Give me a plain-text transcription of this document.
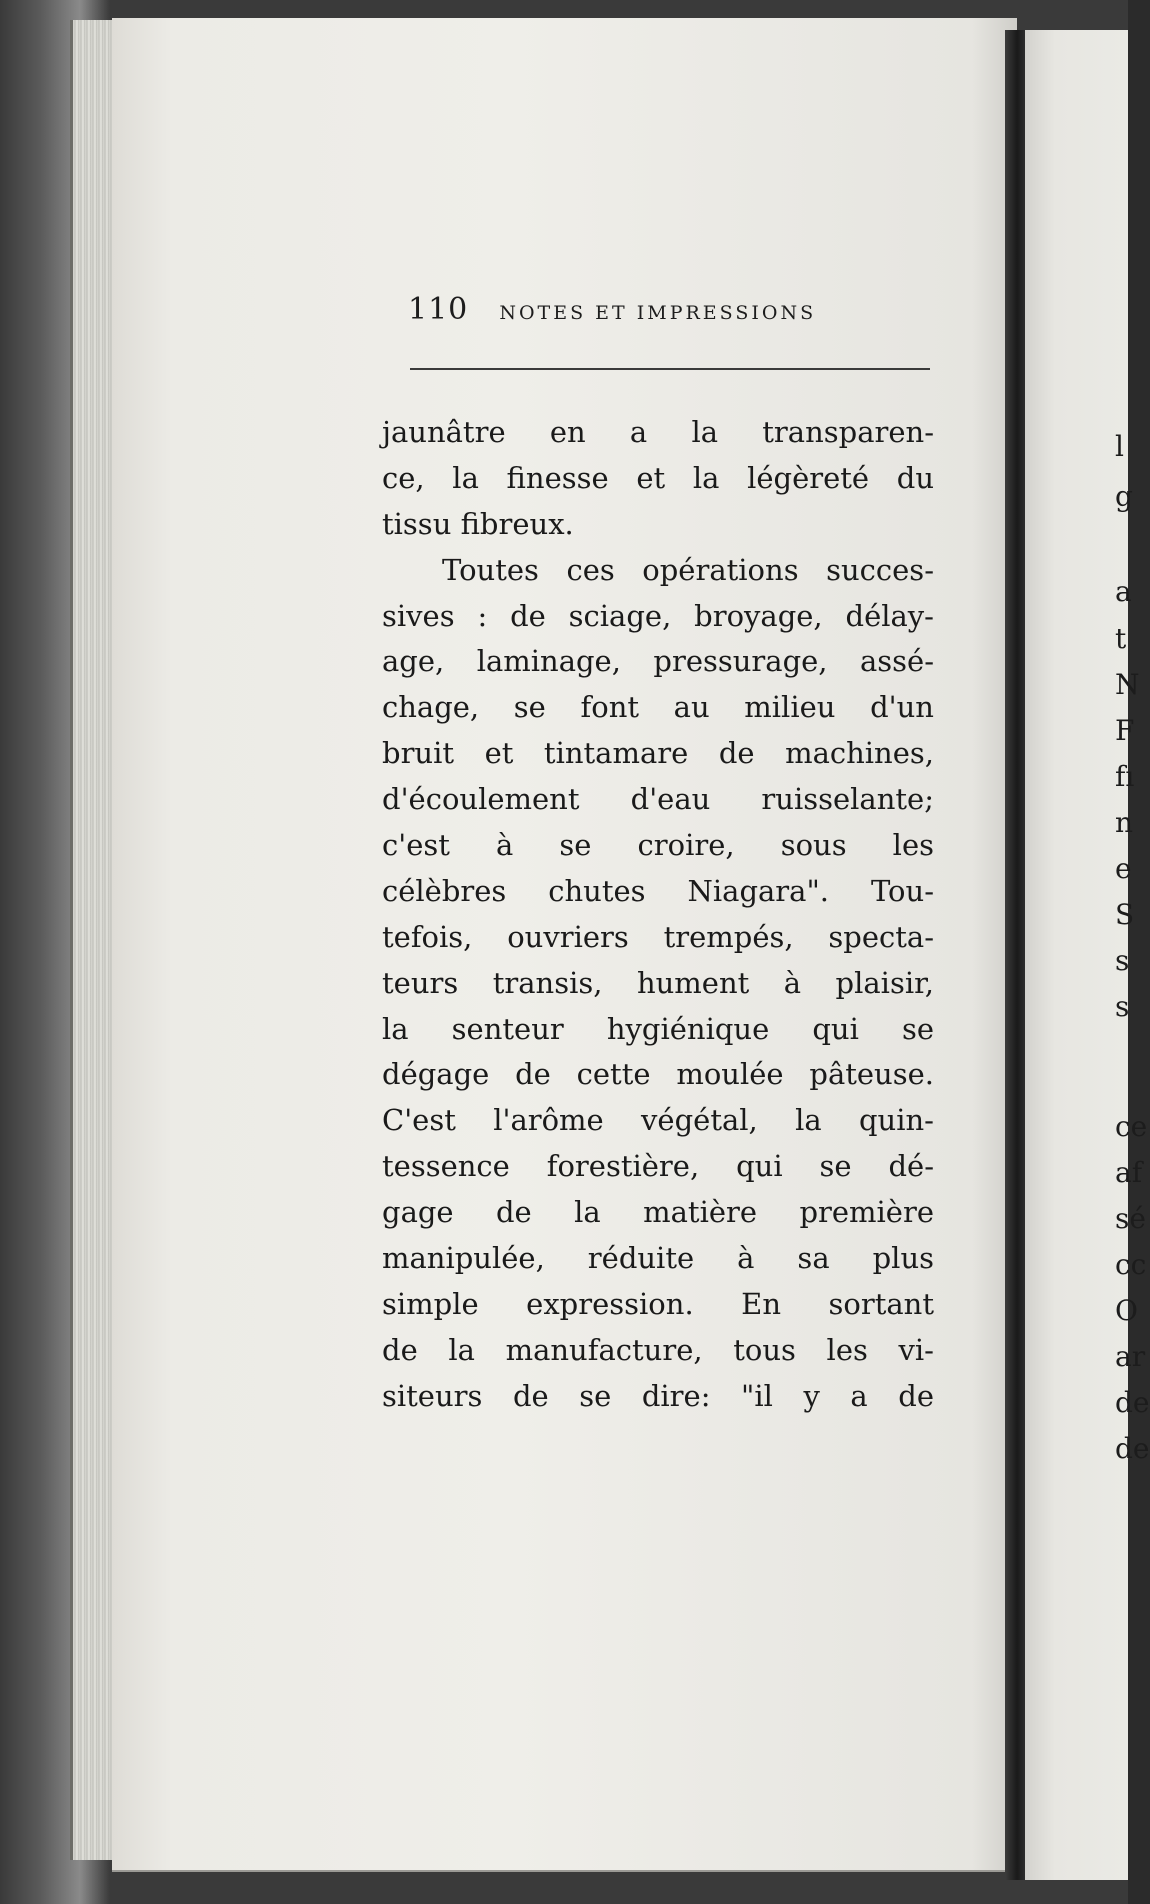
l
g
a
t
N
F
fı
n
e
S
s
s
ce
af
sé
cc
O
ar
de
de
110 NOTES ET IMPRESSIONS
jaunâtre en a la transparen-
ce, la finesse et la légèreté du
tissu fibreux.
Toutes ces opérations succes-
sives : de sciage, broyage, délay-
age, laminage, pressurage, assé-
chage, se font au milieu d'un
bruit et tintamare de machines,
d'écoulement d'eau ruisselante;
c'est à se croire, sous les
célèbres chutes Niagara". Tou-
tefois, ouvriers trempés, specta-
teurs transis, hument à plaisir,
la senteur hygiénique qui se
dégage de cette moulée pâteuse.
C'est l'arôme végétal, la quin-
tessence forestière, qui se dé-
gage de la matière première
manipulée, réduite à sa plus
simple expression. En sortant
de la manufacture, tous les vi-
siteurs de se dire: "il y a de
